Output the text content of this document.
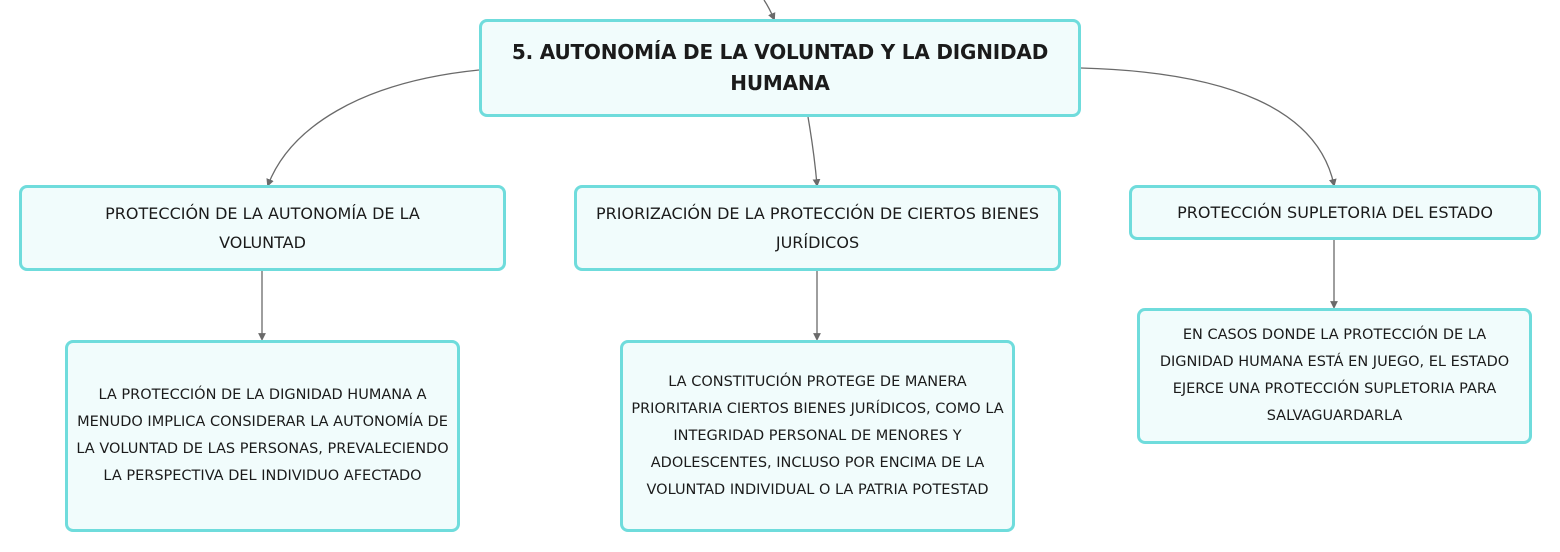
5. AUTONOMÍA DE LA VOLUNTAD Y LA DIGNIDAD HUMANA
PROTECCIÓN DE LA AUTONOMÍA DE LA VOLUNTAD
PRIORIZACIÓN DE LA PROTECCIÓN DE CIERTOS BIENES JURÍDICOS
PROTECCIÓN SUPLETORIA DEL ESTADO
LA PROTECCIÓN DE LA DIGNIDAD HUMANA A MENUDO IMPLICA CONSIDERAR LA AUTONOMÍA DE LA VOLUNTAD DE LAS PERSONAS, PREVALECIENDO LA PERSPECTIVA DEL INDIVIDUO AFECTADO
LA CONSTITUCIÓN PROTEGE DE MANERA PRIORITARIA CIERTOS BIENES JURÍDICOS, COMO LA INTEGRIDAD PERSONAL DE MENORES Y ADOLESCENTES, INCLUSO POR ENCIMA DE LA VOLUNTAD INDIVIDUAL O LA PATRIA POTESTAD
EN CASOS DONDE LA PROTECCIÓN DE LA DIGNIDAD HUMANA ESTÁ EN JUEGO, EL ESTADO EJERCE UNA PROTECCIÓN SUPLETORIA PARA SALVAGUARDARLA
